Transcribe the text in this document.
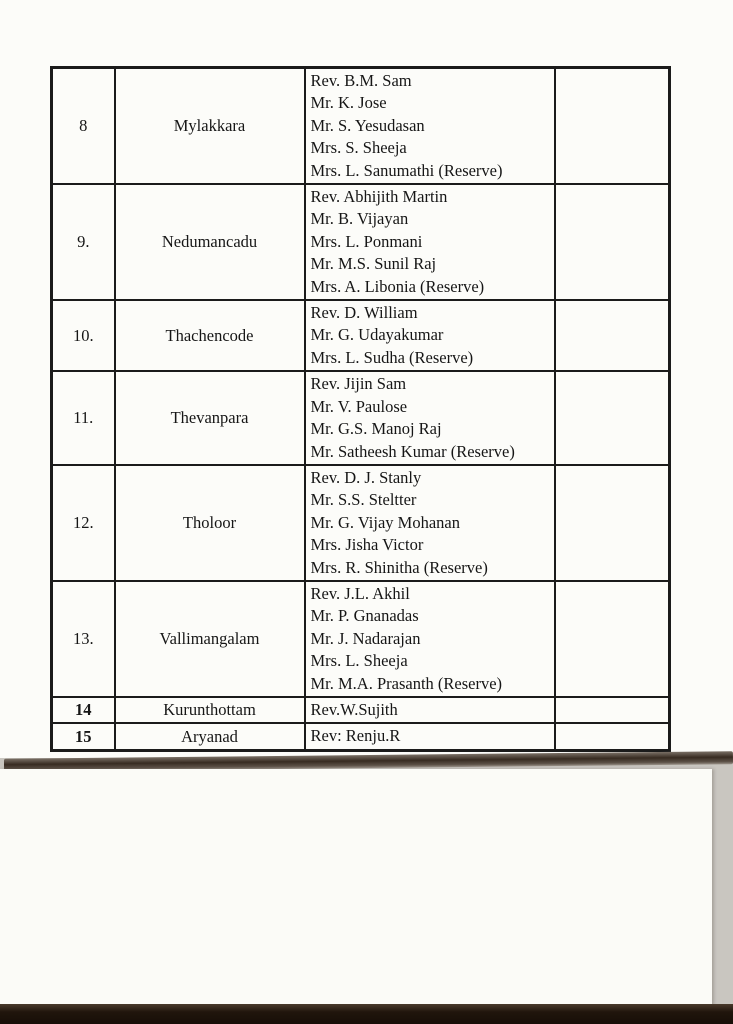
8	Mylakkara	Rev. B.M. Sam
Mr. K. Jose
Mr. S. Yesudasan
Mrs. S. Sheeja
Mrs. L. Sanumathi (Reserve)	

9.	Nedumancadu	Rev. Abhijith Martin
Mr. B. Vijayan
Mrs. L. Ponmani
Mr. M.S. Sunil Raj
Mrs. A. Libonia (Reserve)	

10.	Thachencode	Rev. D. William
Mr. G. Udayakumar
Mrs. L. Sudha (Reserve)	

11.	Thevanpara	Rev. Jijin Sam
Mr. V. Paulose
Mr. G.S. Manoj Raj
Mr. Satheesh Kumar (Reserve)	

12.	Tholoor	Rev. D. J. Stanly
Mr. S.S. Steltter
Mr. G. Vijay Mohanan
Mrs. Jisha Victor
Mrs. R. Shinitha (Reserve)	

13.	Vallimangalam	Rev. J.L. Akhil
Mr. P. Gnanadas
Mr. J. Nadarajan
Mrs. L. Sheeja
Mr. M.A. Prasanth (Reserve)	

14	Kurunthottam	Rev.W.Sujith	

15	Aryanad	Rev: Renju.R	
